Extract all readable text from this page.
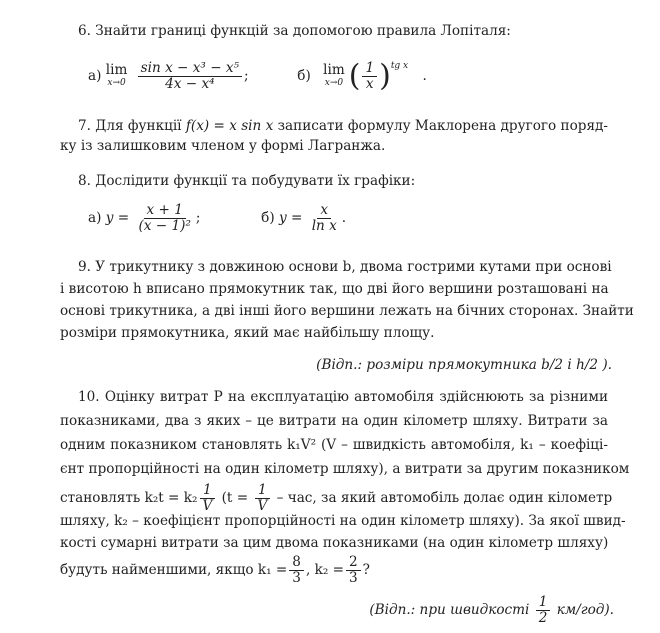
6. Знайти границі функцій за допомогою правила Лопіталя:
а) lim
x→0
$\frac{\text{sin x − x³ − x⁵}}{\text{4x − x⁴}}$ ;	б) lim
x→0 ( $\frac{1}{x} )^{tg x}$ .
7. Для функції f(x) = x sin x записати формулу Маклорена другого поряд-
ку із залишковим членом у формі Лагранжа.
8. Дослідити функції та побудувати їх графіки:
а) $y = \frac{x + 1}{\text{(x − 1)²}}$ ;	б) $y = \frac{x}{\text{ln x}}$ .
9. У трикутнику з довжиною основи b, двома гострими кутами при основі
і висотою h вписано прямокутник так, що дві його вершини розташовані на
основі трикутника, а дві інші його вершини лежать на бічних сторонах. Знайти
розміри прямокутника, який має найбільшу площу.
(Відп.: розміри прямокутника b/2 і h/2 ).
10. Оцінку витрат P на експлуатацію автомобіля здійснюють за різними
показниками, два з яких – це витрати на один кілометр шляху. Витрати за
одним показником становлять k₁V² (V – швидкість автомобіля, k₁ – коефіці-
єнт пропорційності на один кілометр шляху), а витрати за другим показником
становлять $k_2t = k_2 \frac{1}{V} (t = \frac{1}{V}$ – час, за який автомобіль долає один кілометр
шляху, k₂ – коефіцієнт пропорційності на один кілометр шляху). За якої швид-
кості сумарні витрати за цим двома показниками (на один кілометр шляху)
будуть найменшими, якщо $k_1 = \frac{8}{3}$ , $k_2 = \frac{2}{3}$ ?
(Відп.: при швидкості $\frac{1}{2} км/год$).
